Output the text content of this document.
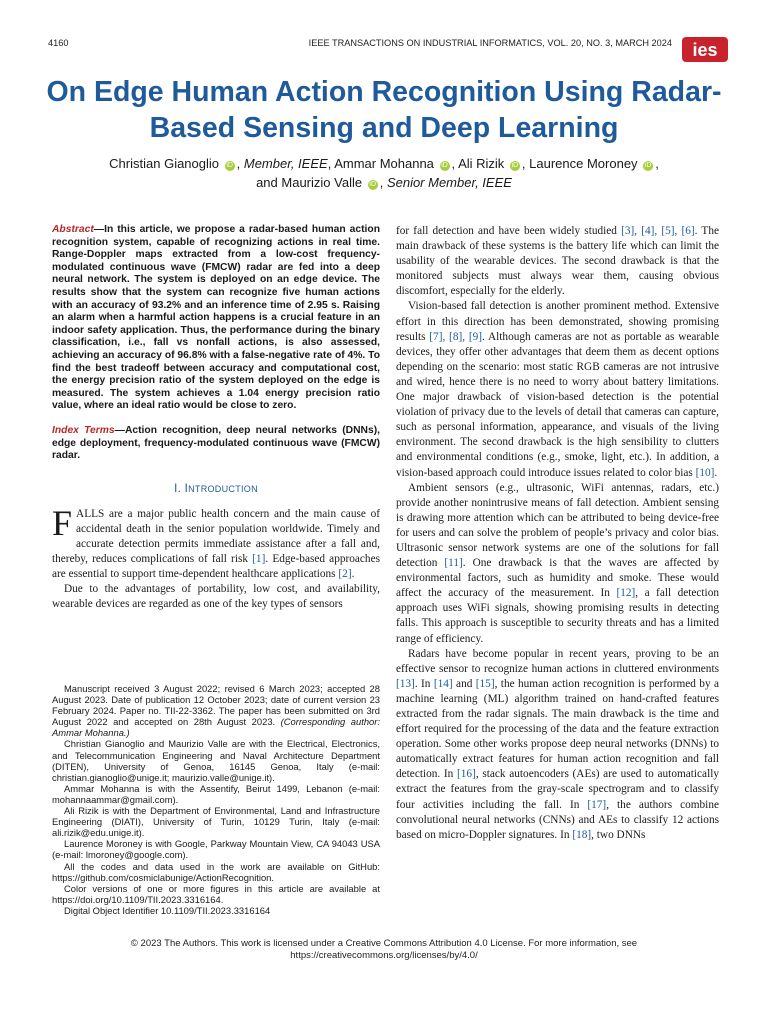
4160	IEEE TRANSACTIONS ON INDUSTRIAL INFORMATICS, VOL. 20, NO. 3, MARCH 2024 ies
On Edge Human Action Recognition Using Radar-Based Sensing and Deep Learning
Christian Gianoglio iD , Member, IEEE, Ammar Mohanna iD , Ali Rizik iD , Laurence Moroney iD ,
and Maurizio Valle iD , Senior Member, IEEE
Abstract—In this article, we propose a radar-based human action recognition system, capable of recognizing actions in real time. Range-Doppler maps extracted from a low-cost frequency-modulated continuous wave (FMCW) radar are fed into a deep neural network. The system is deployed on an edge device. The results show that the system can recognize five human actions with an accuracy of 93.2% and an inference time of 2.95 s. Raising an alarm when a harmful action happens is a crucial feature in an indoor safety application. Thus, the performance during the binary classification, i.e., fall vs nonfall actions, is also assessed, achieving an accuracy of 96.8% with a false-negative rate of 4%. To find the best tradeoff between accuracy and computational cost, the energy precision ratio of the system deployed on the edge is measured. The system achieves a 1.04 energy precision ratio value, where an ideal ratio would be close to zero.
Index Terms—Action recognition, deep neural networks (DNNs), edge deployment, frequency-modulated continuous wave (FMCW) radar.
I. INTRODUCTION

FALLS are a major public health concern and the main cause of accidental death in the senior population worldwide. Timely and accurate detection permits immediate assistance after a fall and, thereby, reduces complications of fall risk [1]. Edge-based approaches are essential to support time-dependent healthcare applications [2].

Due to the advantages of portability, low cost, and availability, wearable devices are regarded as one of the key types of sensors

Manuscript received 3 August 2022; revised 6 March 2023; accepted 28 August 2023. Date of publication 12 October 2023; date of current version 23 February 2024. Paper no. TII-22-3362. The paper has been submitted on 3rd August 2022 and accepted on 28th August 2023. (Corresponding author: Ammar Mohanna.)

Christian Gianoglio and Maurizio Valle are with the Electrical, Electronics, and Telecommunication Engineering and Naval Architecture Department (DITEN), University of Genoa, 16145 Genoa, Italy (e-mail: christian.gianoglio@unige.it; maurizio.valle@unige.it).

Ammar Mohanna is with the Assentify, Beirut 1499, Lebanon (e-mail: mohannaammar@gmail.com).

Ali Rizik is with the Department of Environmental, Land and Infrastructure Engineering (DIATI), University of Turin, 10129 Turin, Italy (e-mail: ali.rizik@edu.unige.it).

Laurence Moroney is with Google, Parkway Mountain View, CA 94043 USA (e-mail: lmoroney@google.com).

All the codes and data used in the work are available on GitHub: https://github.com/cosmiclabunige/ActionRecognition.

Color versions of one or more figures in this article are available at https://doi.org/10.1109/TII.2023.3316164.

Digital Object Identifier 10.1109/TII.2023.3316164

for fall detection and have been widely studied [3], [4], [5], [6]. The main drawback of these systems is the battery life which can limit the usability of the wearable devices. The second drawback is that the monitored subjects must always wear them, causing obvious discomfort, especially for the elderly.

Vision-based fall detection is another prominent method. Extensive effort in this direction has been demonstrated, showing promising results [7], [8], [9]. Although cameras are not as portable as wearable devices, they offer other advantages that deem them as decent options depending on the scenario: most static RGB cameras are not intrusive and wired, hence there is no need to worry about battery limitations. One major drawback of vision-based detection is the potential violation of privacy due to the levels of detail that cameras can capture, such as personal information, appearance, and visuals of the living environment. The second drawback is the high sensibility to clutters and environmental conditions (e.g., smoke, light, etc.). In addition, a vision-based approach could introduce issues related to color bias [10].

Ambient sensors (e.g., ultrasonic, WiFi antennas, radars, etc.) provide another nonintrusive means of fall detection. Ambient sensing is drawing more attention which can be attributed to being device-free for users and can solve the problem of people’s privacy and color bias. Ultrasonic sensor network systems are one of the solutions for fall detection [11]. One drawback is that the waves are affected by environmental factors, such as humidity and smoke. These would affect the accuracy of the measurement. In [12], a fall detection approach uses WiFi signals, showing promising results in detecting falls. This approach is susceptible to security threats and has a limited range of efficiency.

Radars have become popular in recent years, proving to be an effective sensor to recognize human actions in cluttered environments [13]. In [14] and [15], the human action recognition is performed by a machine learning (ML) algorithm trained on hand-crafted features extracted from the radar signals. The main drawback is the time and effort required for the processing of the data and the feature extraction operation. Some other works propose deep neural networks (DNNs) to automatically extract features for human action recognition and fall detection. In [16], stack autoencoders (AEs) are used to automatically extract the features from the gray-scale spectrogram and to classify four activities including the fall. In [17], the authors combine convolutional neural networks (CNNs) and AEs to classify 12 actions based on micro-Doppler signatures. In [18], two DNNs

© 2023 The Authors. This work is licensed under a Creative Commons Attribution 4.0 License. For more information, see
https://creativecommons.org/licenses/by/4.0/
